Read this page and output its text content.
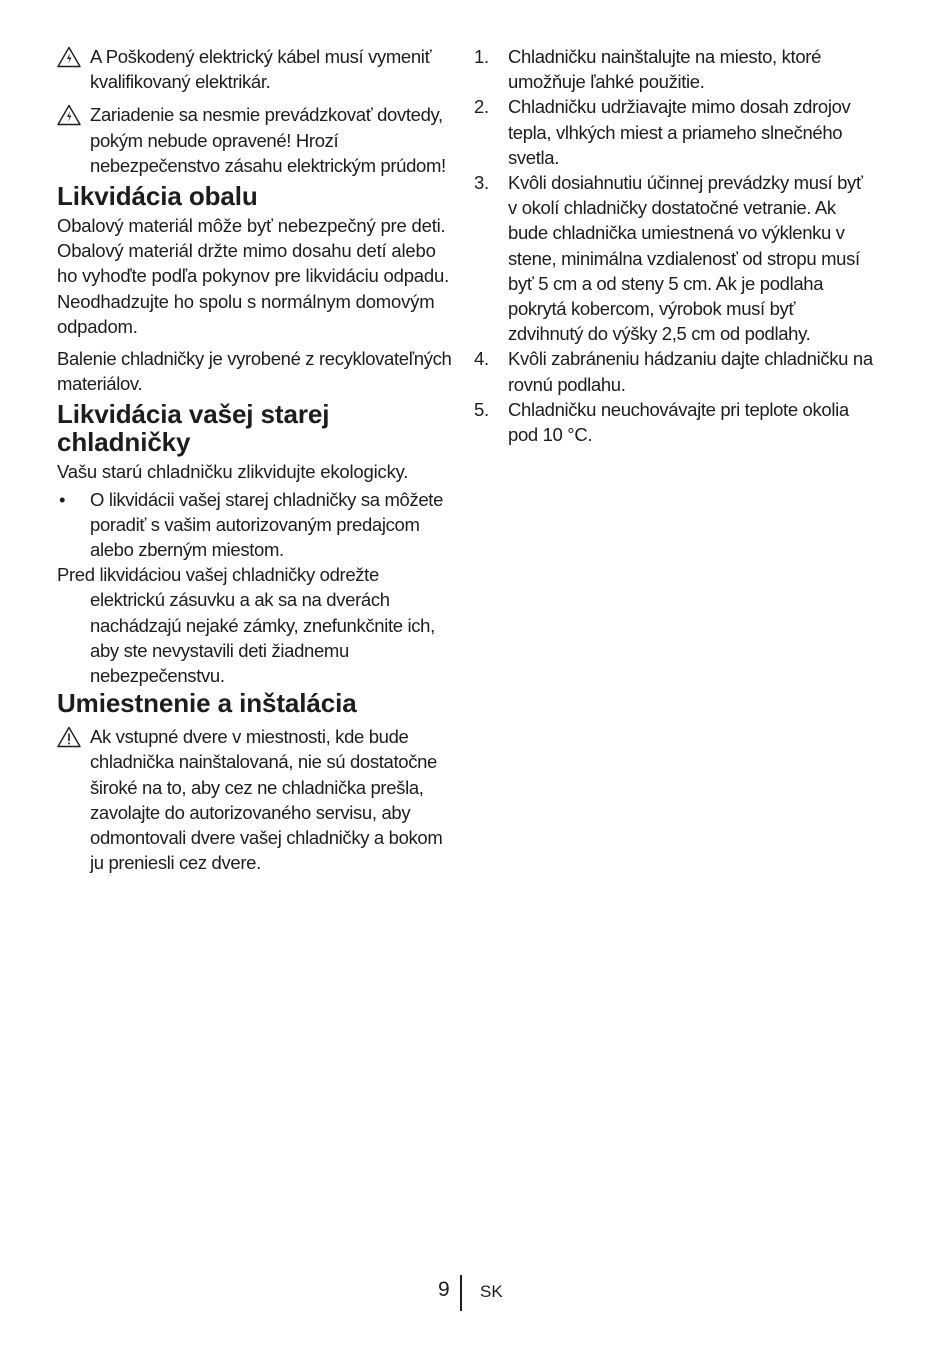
A Poškodený elektrický kábel musí vymeniť kvalifikovaný elektrikár.
Zariadenie sa nesmie prevádzkovať dovtedy, pokým nebude opravené! Hrozí nebezpečenstvo zásahu elektrickým prúdom!
Likvidácia obalu

Obalový materiál môže byť nebezpečný pre deti. Obalový materiál držte mimo dosahu detí alebo ho vyhoďte podľa pokynov pre likvidáciu odpadu. Neodhadzujte ho spolu s normálnym domovým odpadom.

Balenie chladničky je vyrobené z recyklovateľných materiálov.

Likvidácia vašej starej chladničky

Vašu starú chladničku zlikvidujte ekologicky.

• O likvidácii vašej starej chladničky sa môžete poradiť s vašim autorizovaným predajcom alebo zberným miestom.

Pred likvidáciou vašej chladničky odrežte elektrickú zásuvku a ak sa na dverách nachádzajú nejaké zámky, znefunkčnite ich, aby ste nevystavili deti žiadnemu nebezpečenstvu.

Umiestnenie a inštalácia
Ak vstupné dvere v miestnosti, kde bude chladnička nainštalovaná, nie sú dostatočne široké na to, aby cez ne chladnička prešla, zavolajte do autorizovaného servisu, aby odmontovali dvere vašej chladničky a bokom ju preniesli cez dvere.
1. Chladničku nainštalujte na miesto, ktoré umožňuje ľahké použitie.
2. Chladničku udržiavajte mimo dosah zdrojov tepla, vlhkých miest a priameho slnečného svetla.
3. Kvôli dosiahnutiu účinnej prevádzky musí byť v okolí chladničky dostatočné vetranie. Ak bude chladnička umiestnená vo výklenku v stene, minimálna vzdialenosť od stropu musí byť 5 cm a od steny 5 cm. Ak je podlaha pokrytá kobercom, výrobok musí byť zdvihnutý do výšky 2,5 cm od podlahy.
4. Kvôli zabráneniu hádzaniu dajte chladničku na rovnú podlahu.
5. Chladničku neuchovávajte pri teplote okolia pod 10 °C.
9 SK
